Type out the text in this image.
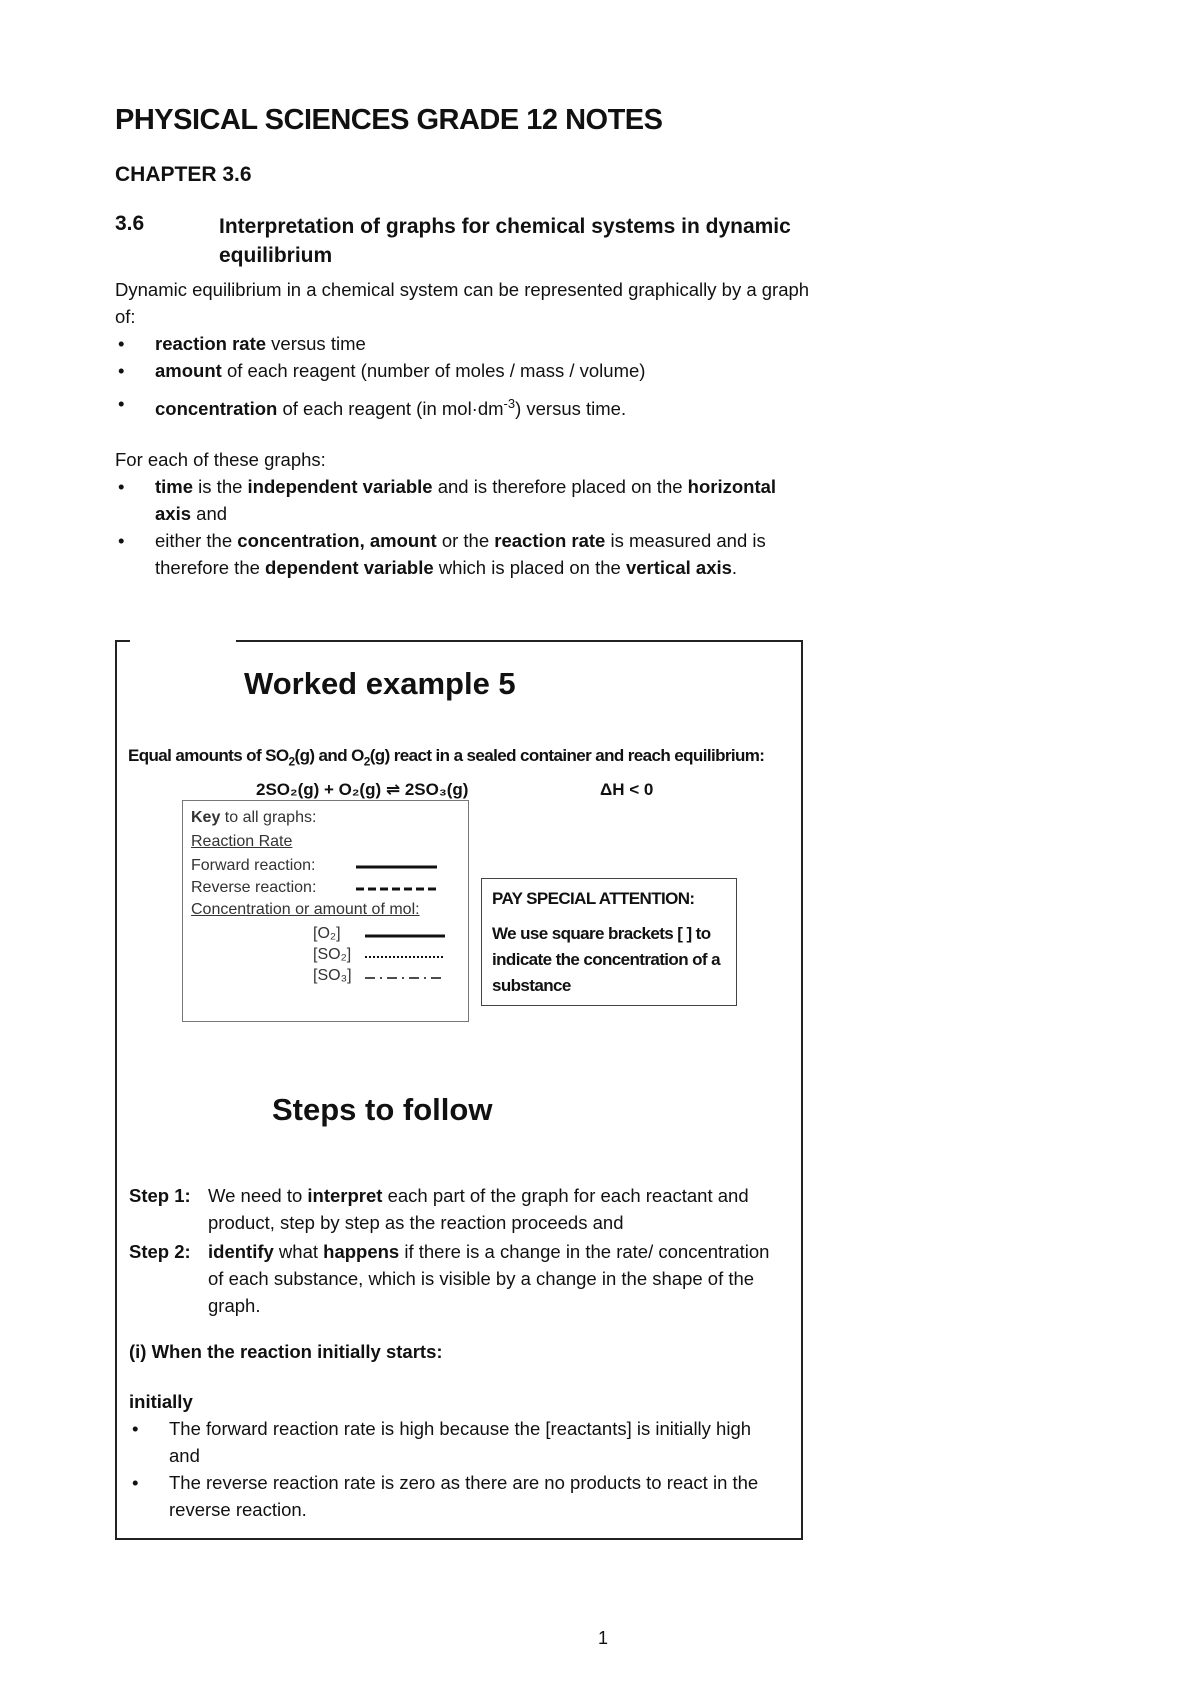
PHYSICAL SCIENCES GRADE 12 NOTES
CHAPTER 3.6
3.6	Interpretation of graphs for chemical systems in dynamic equilibrium
Dynamic equilibrium in a chemical system can be represented graphically by a graph of:
• reaction rate versus time
• amount of each reagent (number of moles / mass / volume)
• concentration of each reagent (in $mol\cdot dm^{-3}$) versus time.
For each of these graphs:
• time is the independent variable and is therefore placed on the horizontal axis and
• either the concentration, amount or the reaction rate is measured and is therefore the dependent variable which is placed on the vertical axis.
Worked example 5
Equal amounts of $SO_2(g)$ and $O_2(g)$ react in a sealed container and reach equilibrium:
2SO₂(g) + O₂(g) ⇌ 2SO₃(g)	ΔH < 0
Key to all graphs:
Reaction Rate
Forward reaction:
Reverse reaction:
Concentration or amount of mol:
[O₂]
[SO₂]
[SO₃]
PAY SPECIAL ATTENTION:
We use square brackets [ ] to indicate the concentration of a substance
Steps to follow
Step 1: We need to interpret each part of the graph for each reactant and product, step by step as the reaction proceeds and
Step 2: identify what happens if there is a change in the rate/ concentration of each substance, which is visible by a change in the shape of the graph.
(i) When the reaction initially starts:
initially
• The forward reaction rate is high because the [reactants] is initially high and
• The reverse reaction rate is zero as there are no products to react in the reverse reaction.
1
